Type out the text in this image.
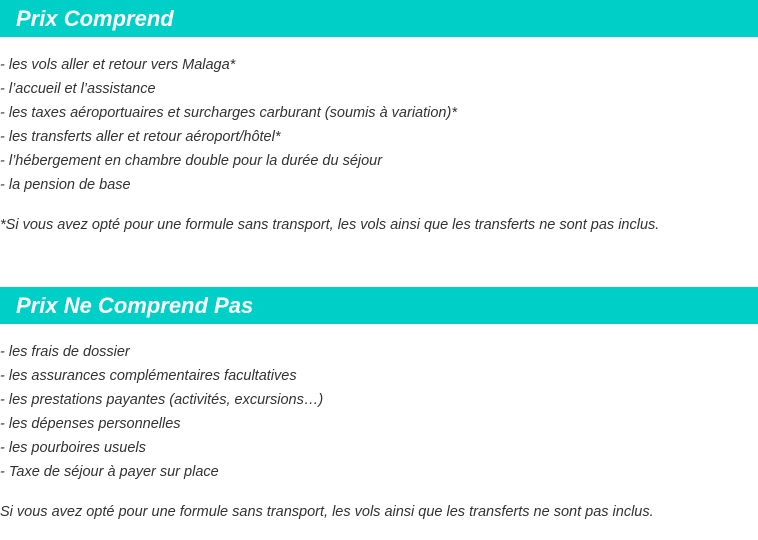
Prix Comprend
- les vols aller et retour vers Malaga*
- l’accueil et l’assistance
- les taxes aéroportuaires et surcharges carburant (soumis à variation)*
- les transferts aller et retour aéroport/hôtel*
- l’hébergement en chambre double pour la durée du séjour
- la pension de base
*Si vous avez opté pour une formule sans transport, les vols ainsi que les transferts ne sont pas inclus.
Prix Ne Comprend Pas
- les frais de dossier
- les assurances complémentaires facultatives
- les prestations payantes (activités, excursions…)
- les dépenses personnelles
- les pourboires usuels
- Taxe de séjour à payer sur place
Si vous avez opté pour une formule sans transport, les vols ainsi que les transferts ne sont pas inclus.
